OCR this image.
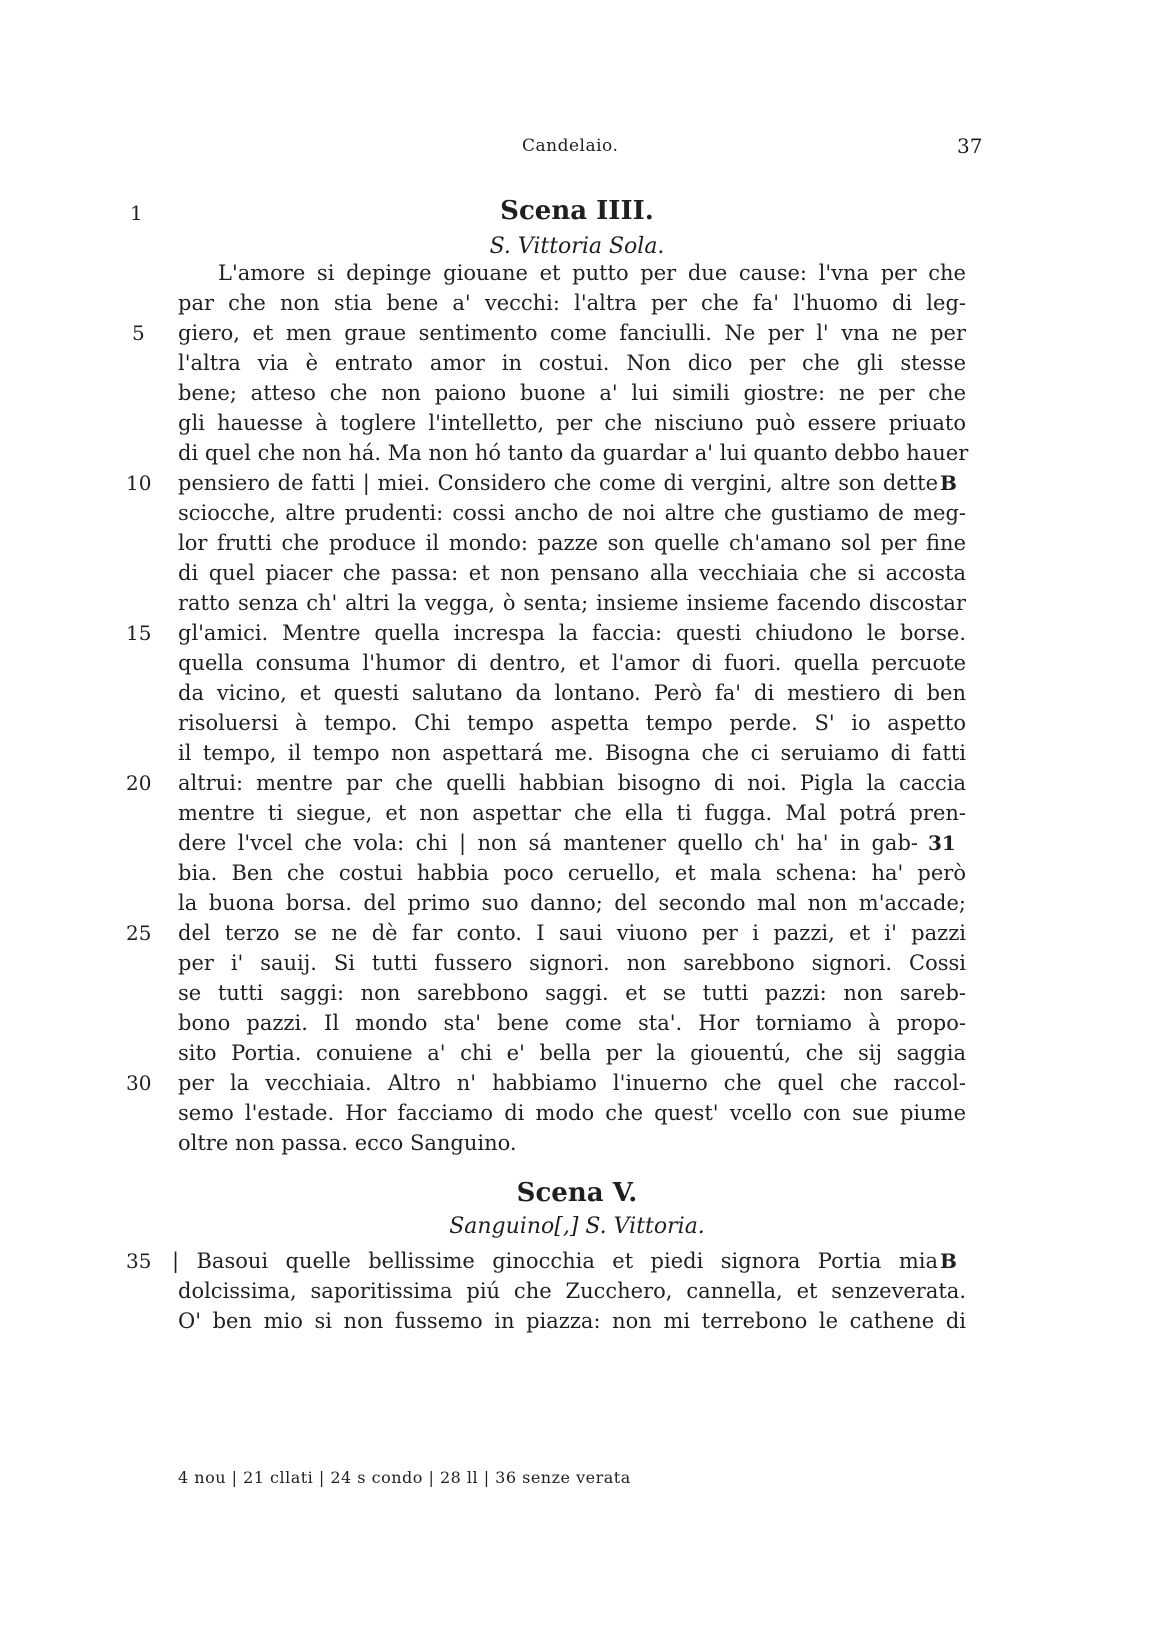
Candelaio.	37
Scena IIII.
S. Vittoria Sola.
L'amore si depinge giouane et putto per due cause: l'vna per che
par che non stia bene a' vecchi: l'altra per che fa' l'huomo di leg-
giero, et men graue sentimento come fanciulli. Ne per l' vna ne per
l'altra via è entrato amor in costui. Non dico per che gli stesse
bene; atteso che non paiono buone a' lui simili giostre: ne per che
gli hauesse à toglere l'intelletto, per che nisciuno può essere priuato
di quel che non há. Ma non hó tanto da guardar a' lui quanto debbo hauer
pensiero de fatti | miei. Considero che come di vergini, altre son dette
sciocche, altre prudenti: cossi ancho de noi altre che gustiamo de meg-
lor frutti che produce il mondo: pazze son quelle ch'amano sol per fine
di quel piacer che passa: et non pensano alla vecchiaia che si accosta
ratto senza ch' altri la vegga, ò senta; insieme insieme facendo discostar
gl'amici. Mentre quella increspa la faccia: questi chiudono le borse.
quella consuma l'humor di dentro, et l'amor di fuori. quella percuote
da vicino, et questi salutano da lontano. Però fa' di mestiero di ben
risoluersi à tempo. Chi tempo aspetta tempo perde. S' io aspetto
il tempo, il tempo non aspettará me. Bisogna che ci seruiamo di fatti
altrui: mentre par che quelli habbian bisogno di noi. Pigla la caccia
mentre ti siegue, et non aspettar che ella ti fugga. Mal potrá pren-
dere l'vcel che vola: chi | non sá mantener quello ch' ha' in gab-
bia. Ben che costui habbia poco ceruello, et mala schena: ha' però
la buona borsa. del primo suo danno; del secondo mal non m'accade;
del terzo se ne dè far conto. I saui viuono per i pazzi, et i' pazzi
per i' sauij. Si tutti fussero signori. non sarebbono signori. Cossi
se tutti saggi: non sarebbono saggi. et se tutti pazzi: non sareb-
bono pazzi. Il mondo sta' bene come sta'. Hor torniamo à propo-
sito Portia. conuiene a' chi e' bella per la giouentú, che sij saggia
per la vecchiaia. Altro n' habbiamo l'inuerno che quel che raccol-
semo l'estade. Hor facciamo di modo che quest' vcello con sue piume
oltre non passa. ecco Sanguino.
Scena V.
Sanguino[,] S. Vittoria.
| Basoui quelle bellissime ginocchia et piedi signora Portia mia
dolcissima, saporitissima piú che Zucchero, cannella, et senzeverata.
O' ben mio si non fussemo in piazza: non mi terrebono le cathene di
1
5
10
15
20
25
30
35
B
31
B
4 nou | 21 cllati | 24 s condo | 28 ll | 36 senze verata
